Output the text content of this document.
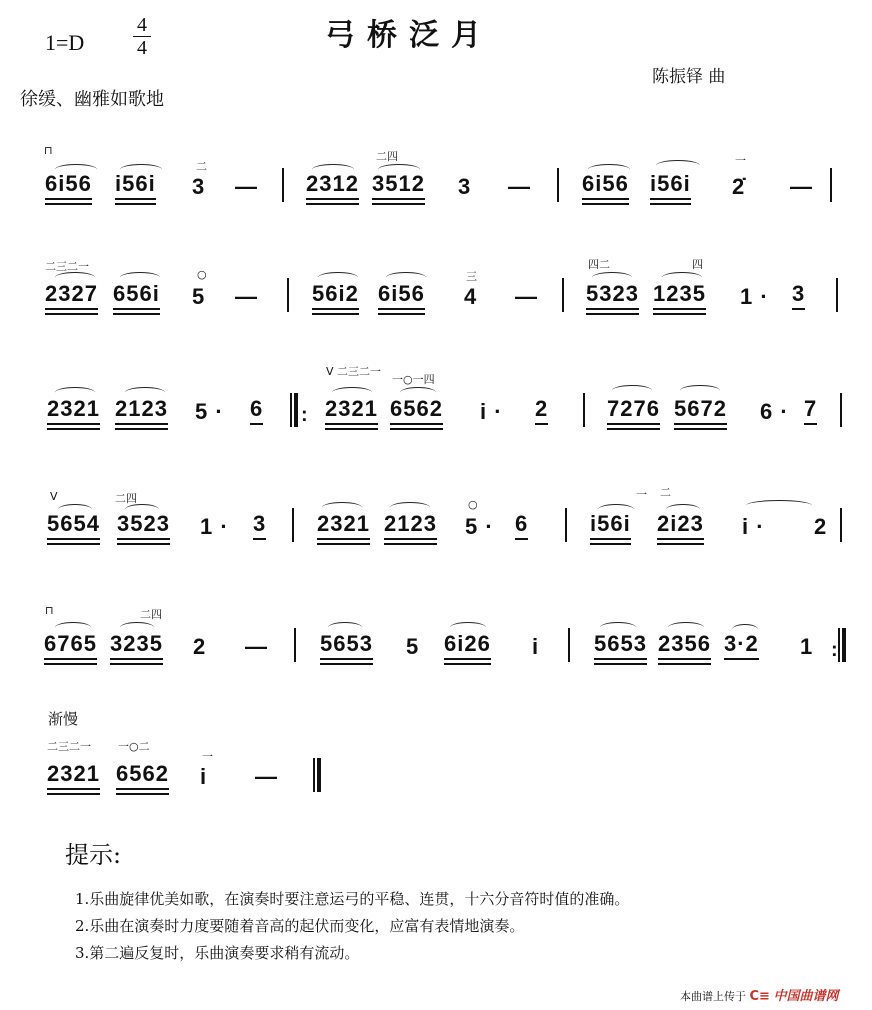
1=D
4
4	弓桥泛月
陈振铎 曲
徐缓、幽雅如歌地
⊓
6i56 i56i
二
3 — 2312
二四
3512 3 — 6i56 i56i
一
2̇ —
二三二一
2327 656i
○
5 — 56i2 6i56
三
4 —
四二
5323
四
1235 1 · 3
2321 2123 5 · 6 :
V 二三二一
2321
一○一四
6562 i · 2	7276 5672 6 · 7
V
5654
二四
3523 1 · 3 2321 2123
○
5 · 6
一
i56i
二
2i23 i · 2
⊓
6765
二四
3235 2 — 5653 5 6i26 i 5653 2356 3·2 1 :
渐慢
二三二一
2321
一○二
6562
一
i —
提示:
1.乐曲旋律优美如歌，在演奏时要注意运弓的平稳、连贯，十六分音符时值的准确。
2.乐曲在演奏时力度要随着音高的起伏而变化，应富有表情地演奏。
3.第二遍反复时，乐曲演奏要求稍有流动。
本曲谱上传于 C≡ 中国曲谱网
